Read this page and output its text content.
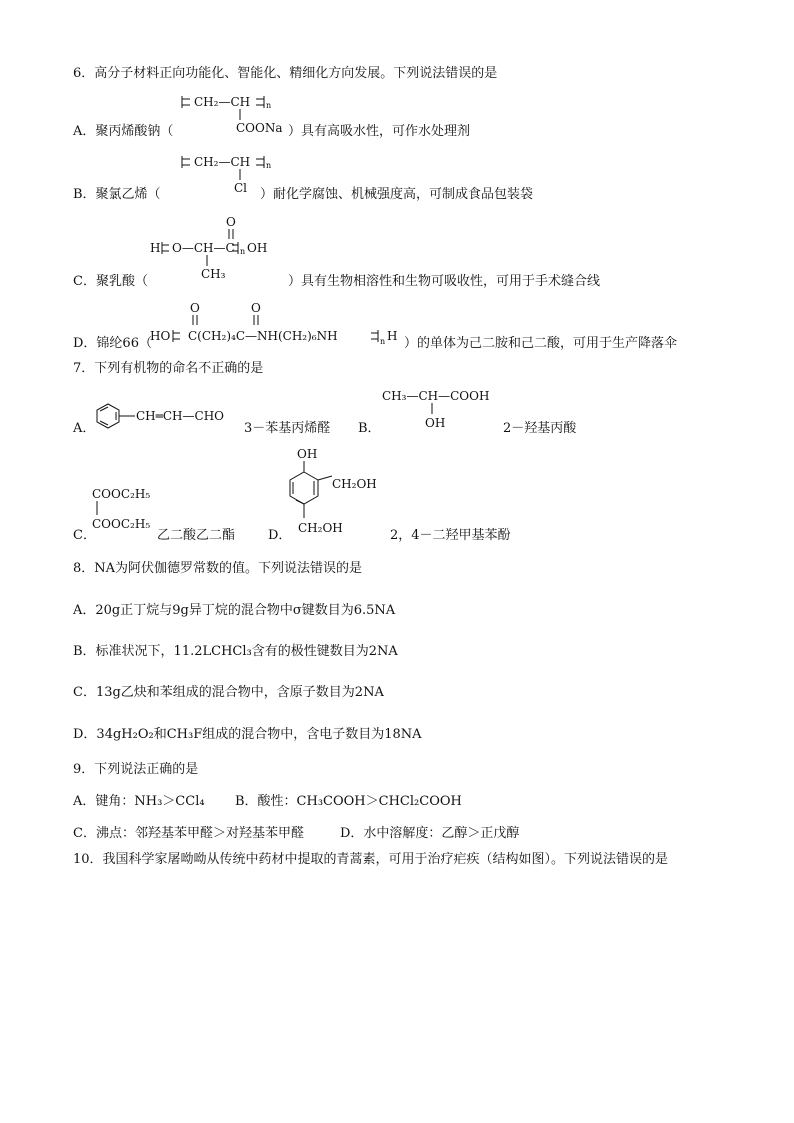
6．高分子材料正向功能化、智能化、精细化方向发展。下列说法错误的是
CH₂—CH n
COONa
A．聚丙烯酸钠（	）具有高吸水性，可作水处理剂
CH₂—CH n
Cl
B．聚氯乙烯（	）耐化学腐蚀、机械强度高，可制成食品包装袋
O
H O—CH—C n OH
CH₃
C．聚乳酸（	）具有生物相溶性和生物可吸收性，可用于手术缝合线
D．锦纶66（
O	O
HO C(CH₂)₄C—NH(CH₂)₆NH	n H ）的单体为己二胺和己二酸，可用于生产降落伞
7．下列有机物的命名不正确的是
A．
CH═CH—CHO
3－苯基丙烯醛 B．
CH₃—CH—COOH
OH	2－羟基丙酸
COOC₂H₅
COOC₂H₅
C．	乙二酸乙二酯	D．
OH
CH₂OH
CH₂OH	2，4－二羟甲基苯酚
8．NA为阿伏伽德罗常数的值。下列说法错误的是
A．20g正丁烷与9g异丁烷的混合物中σ键数目为6.5NA
B．标准状况下，11.2LCHCl₃含有的极性键数目为2NA
C．13g乙炔和苯组成的混合物中，含原子数目为2NA
D．34gH₂O₂和CH₃F组成的混合物中，含电子数目为18NA
9．下列说法正确的是
A．键角：NH₃＞CCl₄ B．酸性：CH₃COOH＞CHCl₂COOH
C．沸点：邻羟基苯甲醛＞对羟基苯甲醛	D．水中溶解度：乙醇＞正戊醇
10．我国科学家屠呦呦从传统中药材中提取的青蒿素，可用于治疗疟疾（结构如图）。下列说法错误的是
